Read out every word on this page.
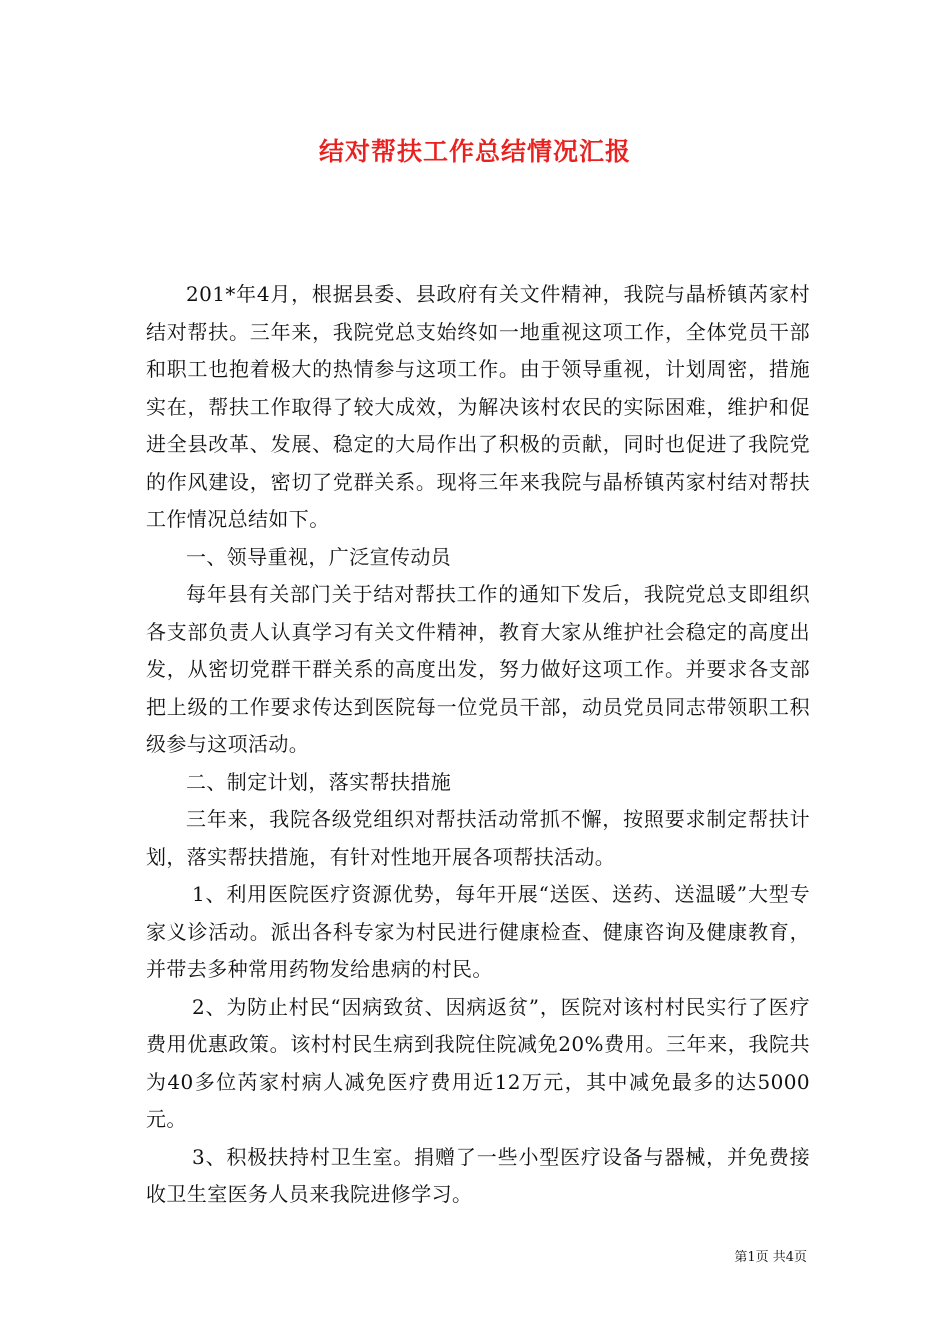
结对帮扶工作总结情况汇报

201*年4月，根据县委、县政府有关文件精神，我院与晶桥镇芮家村结对帮扶。三年来，我院党总支始终如一地重视这项工作，全体党员干部和职工也抱着极大的热情参与这项工作。由于领导重视，计划周密，措施实在，帮扶工作取得了较大成效，为解决该村农民的实际困难，维护和促进全县改革、发展、稳定的大局作出了积极的贡献，同时也促进了我院党的作风建设，密切了党群关系。现将三年来我院与晶桥镇芮家村结对帮扶工作情况总结如下。

一、领导重视，广泛宣传动员

每年县有关部门关于结对帮扶工作的通知下发后，我院党总支即组织各支部负责人认真学习有关文件精神，教育大家从维护社会稳定的高度出发，从密切党群干群关系的高度出发，努力做好这项工作。并要求各支部把上级的工作要求传达到医院每一位党员干部，动员党员同志带领职工积级参与这项活动。

二、制定计划，落实帮扶措施

三年来，我院各级党组织对帮扶活动常抓不懈，按照要求制定帮扶计划，落实帮扶措施，有针对性地开展各项帮扶活动。

1、利用医院医疗资源优势，每年开展“送医、送药、送温暖”大型专家义诊活动。派出各科专家为村民进行健康检查、健康咨询及健康教育，并带去多种常用药物发给患病的村民。

2、为防止村民“因病致贫、因病返贫”，医院对该村村民实行了医疗费用优惠政策。该村村民生病到我院住院减免20%费用。三年来，我院共为40多位芮家村病人减免医疗费用近12万元，其中减免最多的达5000元。

3、积极扶持村卫生室。捐赠了一些小型医疗设备与器械，并免费接收卫生室医务人员来我院进修学习。

第1页 共4页
